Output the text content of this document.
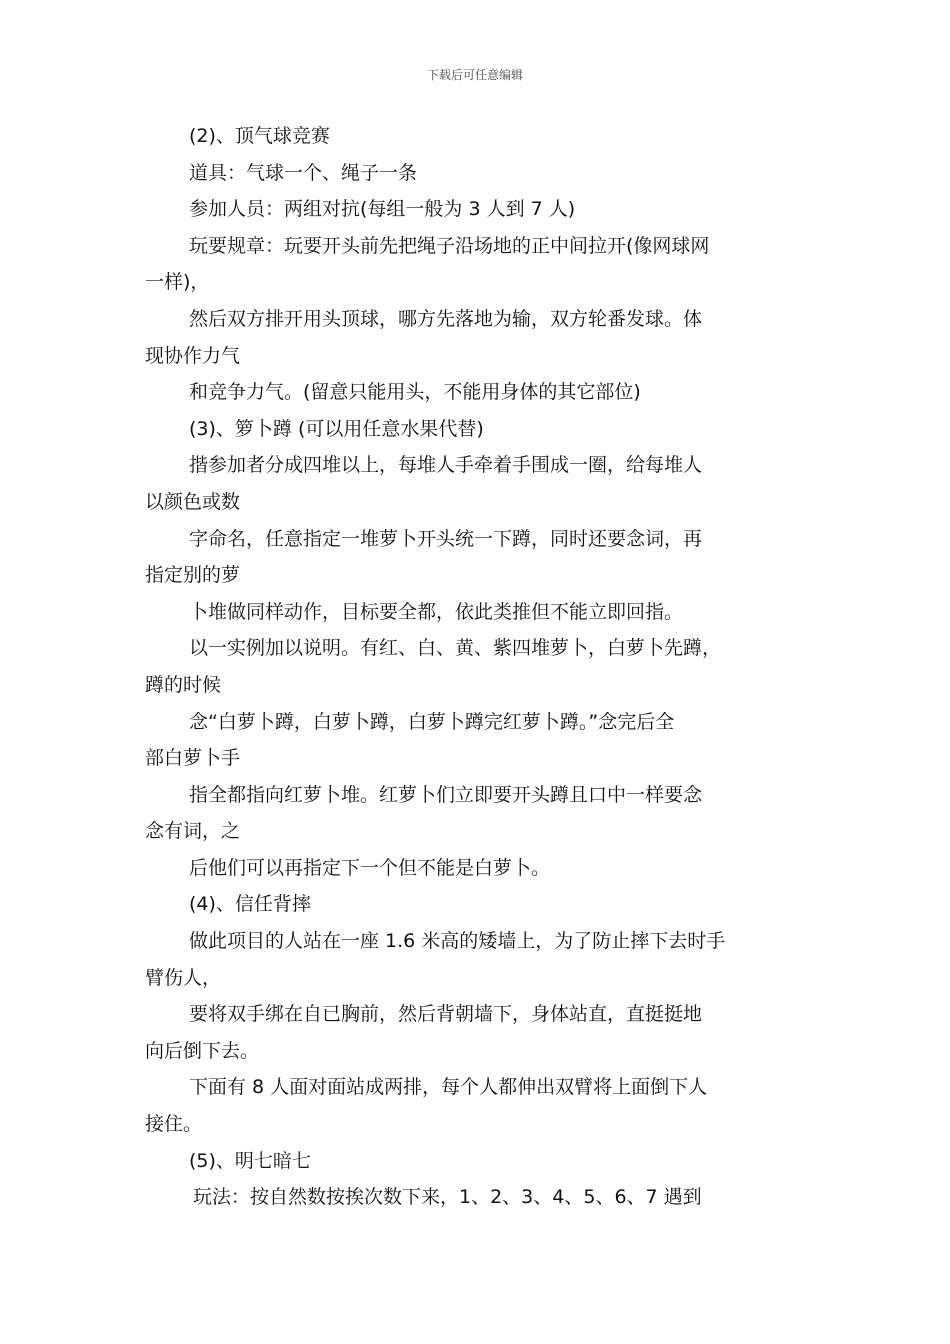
下载后可任意编辑

(2)、顶气球竞赛

道具：气球一个、绳子一条

参加人员：两组对抗(每组一般为 3 人到 7 人)

玩要规章：玩要开头前先把绳子沿场地的正中间拉开(像网球网

一样)，

然后双方排开用头顶球，哪方先落地为输，双方轮番发球。体

现协作力气

和竞争力气。(留意只能用头，不能用身体的其它部位)

(3)、箩卜蹲 (可以用任意水果代替)

揩参加者分成四堆以上，每堆人手牵着手围成一圈，给每堆人

以颜色或数

字命名，任意指定一堆萝卜开头统一下蹲，同时还要念词，再

指定别的萝

卜堆做同样动作，目标要全都，依此类推但不能立即回指。

以一实例加以说明。有红、白、黄、紫四堆萝卜，白萝卜先蹲，

蹲的时候

念“白萝卜蹲，白萝卜蹲，白萝卜蹲完红萝卜蹲。”念完后全

部白萝卜手

指全都指向红萝卜堆。红萝卜们立即要开头蹲且口中一样要念

念有词，之

后他们可以再指定下一个但不能是白萝卜。

(4)、信任背摔

做此项目的人站在一座 1.6 米高的矮墙上，为了防止摔下去时手

臂伤人，

要将双手绑在自已胸前，然后背朝墙下，身体站直，直挺挺地

向后倒下去。

下面有 8 人面对面站成两排，每个人都伸出双臂将上面倒下人

接住。

(5)、明七暗七

玩法：按自然数按挨次数下来，1、2、3、4、5、6、7 遇到
